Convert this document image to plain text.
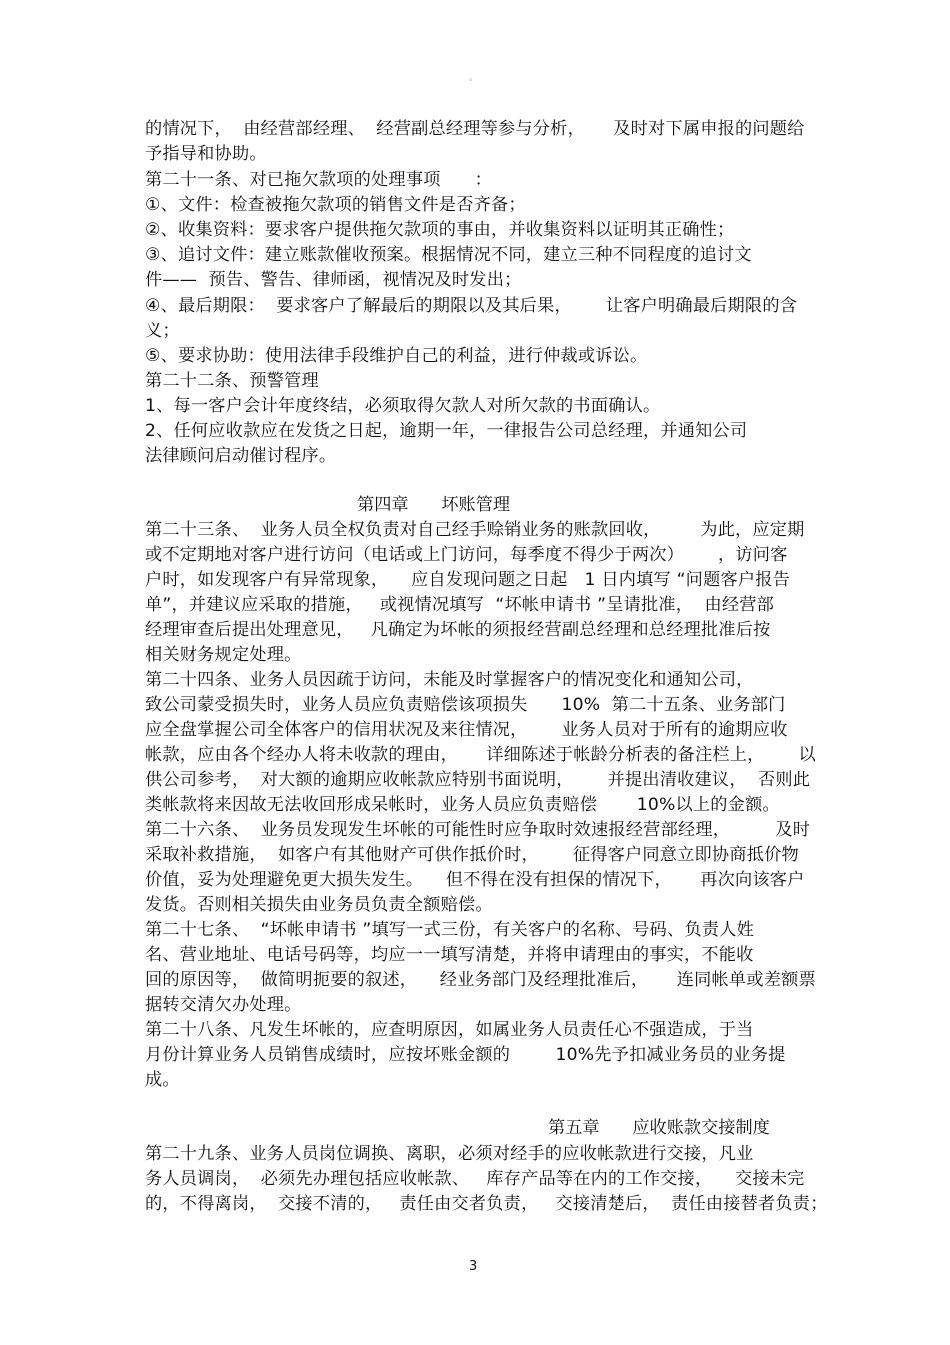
。
的情况下，  由经营部经理、  经营副总经理等参与分析，     及时对下属申报的问题给
予指导和协助。
第二十一条、对已拖欠款项的处理事项      ：
①、文件：检查被拖欠款项的销售文件是否齐备；
②、收集资料：要求客户提供拖欠款项的事由，并收集资料以证明其正确性；
③、追讨文件：建立账款催收预案。根据情况不同，建立三种不同程度的追讨文
件——  预告、警告、律师函，视情况及时发出；
④、最后期限：  要求客户了解最后的期限以及其后果，      让客户明确最后期限的含
义；
⑤、要求协助：使用法律手段维护自己的利益，进行仲裁或诉讼。
第二十二条、预警管理
1、每一客户会计年度终结，必须取得欠款人对所欠款的书面确认。
2、任何应收款应在发货之日起，逾期一年，一律报告公司总经理，并通知公司
法律顾问启动催讨程序。
第四章      坏账管理
第二十三条、  业务人员全权负责对自己经手赊销业务的账款回收，       为此，应定期
或不定期地对客户进行访问（电话或上门访问，每季度不得少于两次）      ，访问客
户时，如发现客户有异常现象，    应自发现问题之日起   1 日内填写 “问题客户报告
单”，并建议应采取的措施，   或视情况填写  “坏帐申请书 ”呈请批准，  由经营部
经理审查后提出处理意见，   凡确定为坏帐的须报经营副总经理和总经理批准后按
相关财务规定处理。
第二十四条、业务人员因疏于访问，未能及时掌握客户的情况变化和通知公司，
致公司蒙受损失时，业务人员应负责赔偿该项损失      10%  第二十五条、业务部门
应全盘掌握公司全体客户的信用状况及来往情况，      业务人员对于所有的逾期应收
帐款，应由各个经办人将未收款的理由，     详细陈述于帐龄分析表的备注栏上，      以
供公司参考，  对大额的逾期应收帐款应特别书面说明，      并提出清收建议，  否则此
类帐款将来因故无法收回形成呆帐时，业务人员应负责赔偿       10%以上的金额。
第二十六条、  业务员发现发生坏帐的可能性时应争取时效速报经营部经理，        及时
采取补救措施，  如客户有其他财产可供作抵价时，      征得客户同意立即协商抵价物
价值，妥为处理避免更大损失发生。    但不得在没有担保的情况下，     再次向该客户
发货。否则相关损失由业务员负责全额赔偿。
第二十七条、  “坏帐申请书 ”填写一式三份，有关客户的名称、号码、负责人姓
名、营业地址、电话号码等，均应一一填写清楚，并将申请理由的事实，不能收
回的原因等，  做简明扼要的叙述，    经业务部门及经理批准后，     连同帐单或差额票
据转交清欠办处理。
第二十八条、凡发生坏帐的，应查明原因，如属业务人员责任心不强造成，于当
月份计算业务人员销售成绩时，应按坏账金额的        10%先予扣减业务员的业务提
成。
第五章      应收账款交接制度
第二十九条、业务人员岗位调换、离职，必须对经手的应收帐款进行交接，凡业
务人员调岗，  必须先办理包括应收帐款、   库存产品等在内的工作交接，    交接未完
的，不得离岗，  交接不清的，   责任由交者负责，   交接清楚后，  责任由接替者负责；
3
